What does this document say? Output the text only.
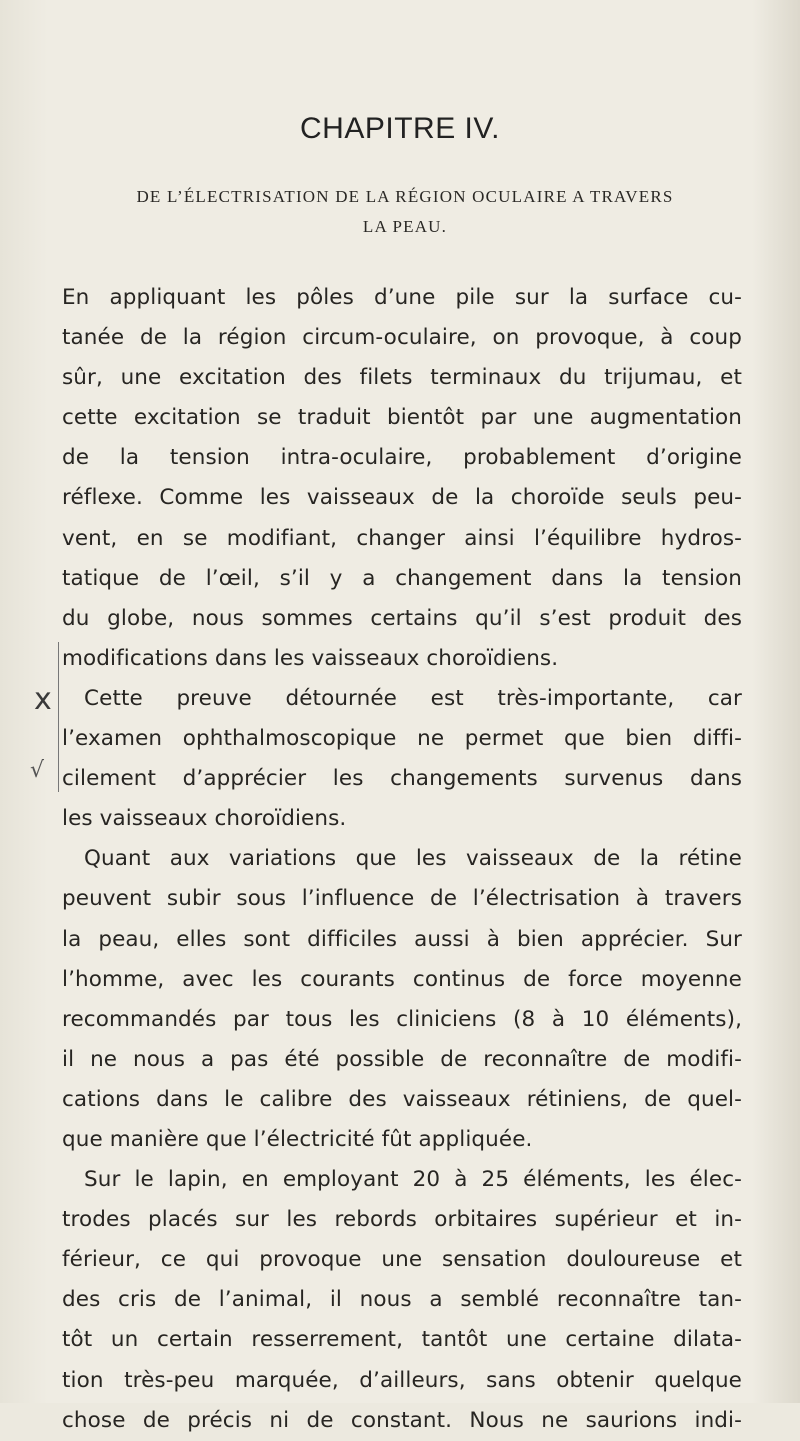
CHAPITRE IV.
DE L’ÉLECTRISATION DE LA RÉGION OCULAIRE A TRAVERS
LA PEAU.
En appliquant les pôles d’une pile sur la surface cu-
tanée de la région circum-oculaire, on provoque, à coup
sûr, une excitation des filets terminaux du trijumau, et
cette excitation se traduit bientôt par une augmentation
de la tension intra-oculaire, probablement d’origine
réflexe. Comme les vaisseaux de la choroïde seuls peu-
vent, en se modifiant, changer ainsi l’équilibre hydros-
tatique de l’œil, s’il y a changement dans la tension
du globe, nous sommes certains qu’il s’est produit des
modifications dans les vaisseaux choroïdiens.
Cette preuve détournée est très-importante, car
l’examen ophthalmoscopique ne permet que bien diffi-
cilement d’apprécier les changements survenus dans
les vaisseaux choroïdiens.
Quant aux variations que les vaisseaux de la rétine
peuvent subir sous l’influence de l’électrisation à travers
la peau, elles sont difficiles aussi à bien apprécier. Sur
l’homme, avec les courants continus de force moyenne
recommandés par tous les cliniciens (8 à 10 éléments),
il ne nous a pas été possible de reconnaître de modifi-
cations dans le calibre des vaisseaux rétiniens, de quel-
que manière que l’électricité fût appliquée.
Sur le lapin, en employant 20 à 25 éléments, les élec-
trodes placés sur les rebords orbitaires supérieur et in-
férieur, ce qui provoque une sensation douloureuse et
des cris de l’animal, il nous a semblé reconnaître tan-
tôt un certain resserrement, tantôt une certaine dilata-
tion très-peu marquée, d’ailleurs, sans obtenir quelque
chose de précis ni de constant. Nous ne saurions indi-
x
√
